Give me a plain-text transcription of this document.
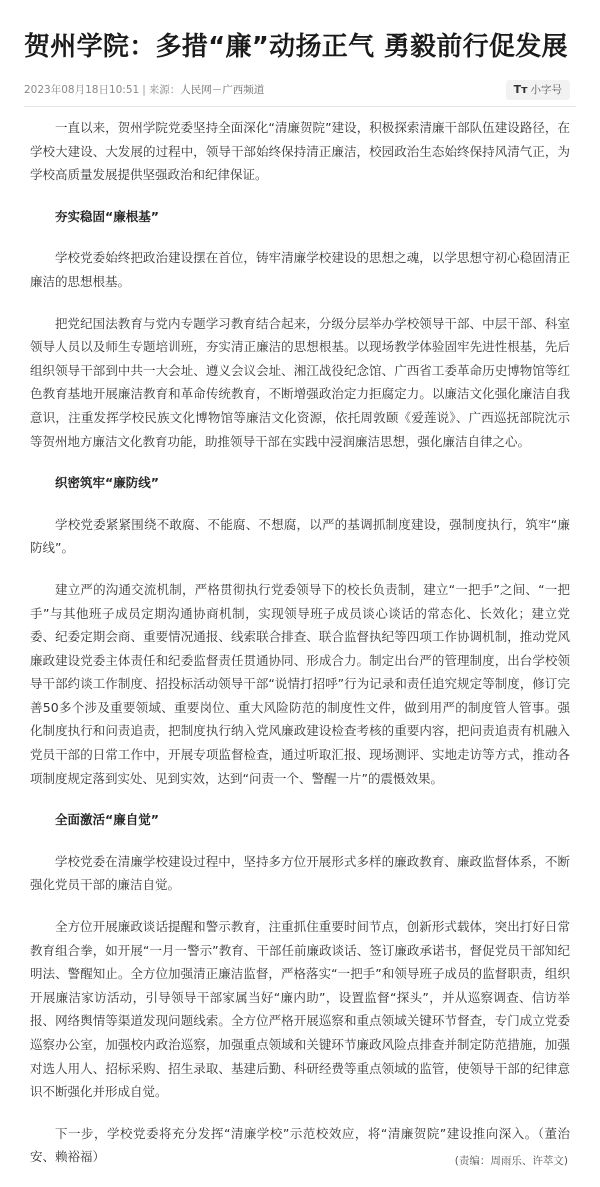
贺州学院：多措“廉”动扬正气 勇毅前行促发展
2023年08月18日10:51 | 来源：人民网－广西频道	Tт 小字号

一直以来，贺州学院党委坚持全面深化“清廉贺院”建设，积极探索清廉干部队伍建设路径，在学校大建设、大发展的过程中，领导干部始终保持清正廉洁，校园政治生态始终保持风清气正，为学校高质量发展提供坚强政治和纪律保证。

夯实稳固“廉根基”

学校党委始终把政治建设摆在首位，铸牢清廉学校建设的思想之魂，以学思想守初心稳固清正廉洁的思想根基。

把党纪国法教育与党内专题学习教育结合起来，分级分层举办学校领导干部、中层干部、科室领导人员以及师生专题培训班，夯实清正廉洁的思想根基。以现场教学体验固牢先进性根基，先后组织领导干部到中共一大会址、遵义会议会址、湘江战役纪念馆、广西省工委革命历史博物馆等红色教育基地开展廉洁教育和革命传统教育，不断增强政治定力拒腐定力。以廉洁文化强化廉洁自我意识，注重发挥学校民族文化博物馆等廉洁文化资源，依托周敦颐《爱莲说》、广西巡抚部院沈示等贺州地方廉洁文化教育功能，助推领导干部在实践中浸润廉洁思想，强化廉洁自律之心。

织密筑牢“廉防线”

学校党委紧紧围绕不敢腐、不能腐、不想腐，以严的基调抓制度建设，强制度执行，筑牢“廉防线”。

建立严的沟通交流机制，严格贯彻执行党委领导下的校长负责制，建立“一把手”之间、“一把手”与其他班子成员定期沟通协商机制，实现领导班子成员谈心谈话的常态化、长效化；建立党委、纪委定期会商、重要情况通报、线索联合排查、联合监督执纪等四项工作协调机制，推动党风廉政建设党委主体责任和纪委监督责任贯通协同、形成合力。制定出台严的管理制度，出台学校领导干部约谈工作制度、招投标活动领导干部“说情打招呼”行为记录和责任追究规定等制度，修订完善50多个涉及重要领域、重要岗位、重大风险防范的制度性文件，做到用严的制度管人管事。强化制度执行和问责追责，把制度执行纳入党风廉政建设检查考核的重要内容，把问责追责有机融入党员干部的日常工作中，开展专项监督检查，通过听取汇报、现场测评、实地走访等方式，推动各项制度规定落到实处、见到实效，达到“问责一个、警醒一片”的震慑效果。

全面激活“廉自觉”

学校党委在清廉学校建设过程中，坚持多方位开展形式多样的廉政教育、廉政监督体系，不断强化党员干部的廉洁自觉。

全方位开展廉政谈话提醒和警示教育，注重抓住重要时间节点，创新形式载体，突出打好日常教育组合拳，如开展“一月一警示”教育、干部任前廉政谈话、签订廉政承诺书，督促党员干部知纪明法、警醒知止。全方位加强清正廉洁监督，严格落实“一把手”和领导班子成员的监督职责，组织开展廉洁家访活动，引导领导干部家属当好“廉内助”，设置监督“探头”，并从巡察调查、信访举报、网络舆情等渠道发现问题线索。全方位严格开展巡察和重点领域关键环节督查，专门成立党委巡察办公室，加强校内政治巡察，加强重点领域和关键环节廉政风险点排查并制定防范措施，加强对选人用人、招标采购、招生录取、基建后勤、科研经费等重点领域的监管，使领导干部的纪律意识不断强化并形成自觉。

下一步，学校党委将充分发挥“清廉学校”示范校效应，将“清廉贺院”建设推向深入。（董治安、赖裕福）	(责编：周雨乐、许萃文)
